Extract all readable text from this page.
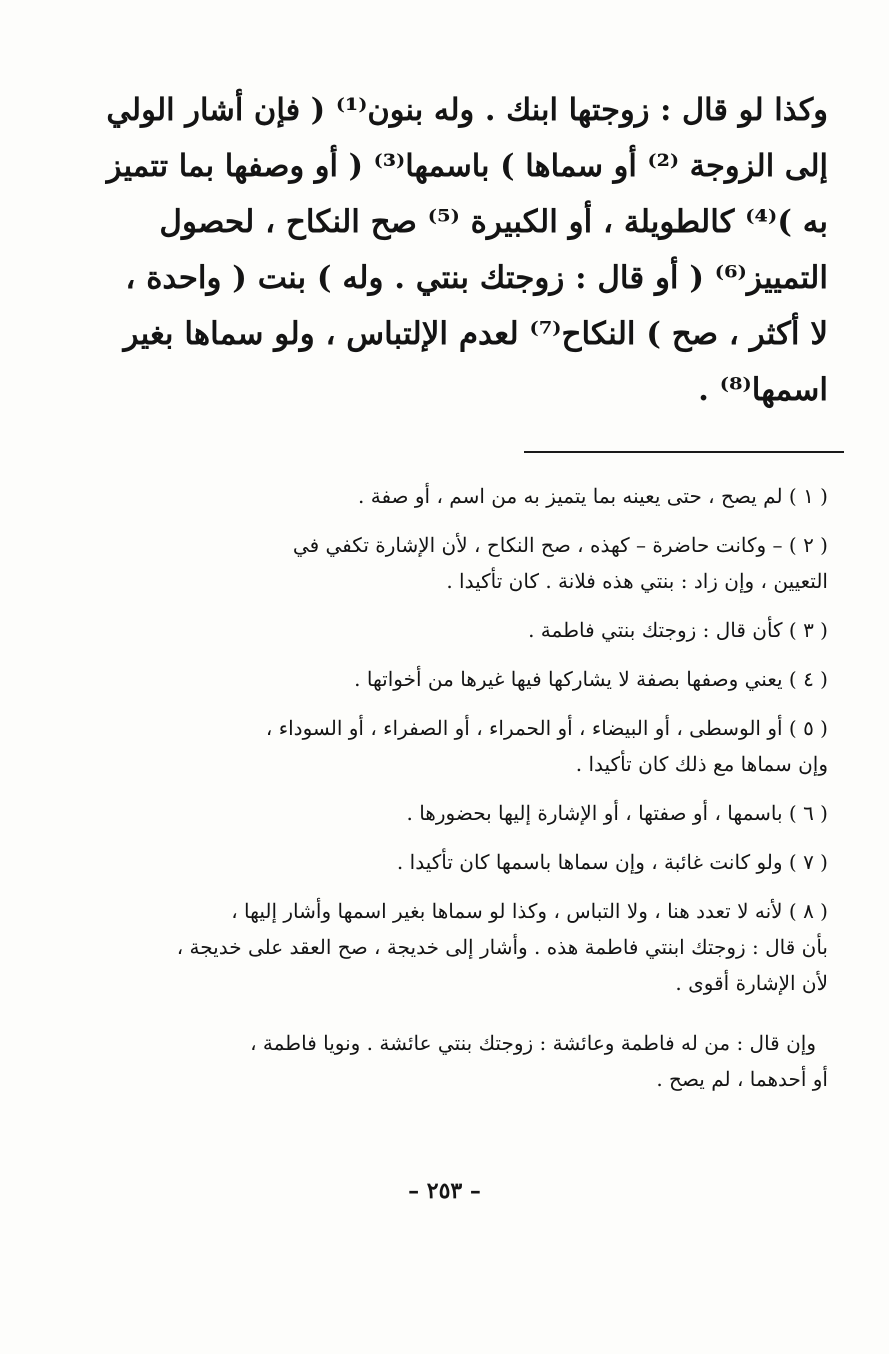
وكذا لو قال : زوجتها ابنك . وله بنون⁽¹⁾ ( فإن أشار الولي
إلى الزوجة ⁽²⁾ أو سماها ) باسمها⁽³⁾ ( أو وصفها بما تتميز
به )⁽⁴⁾ كالطويلة ، أو الكبيرة ⁽⁵⁾ صح النكاح ، لحصول
التمييز⁽⁶⁾ ( أو قال : زوجتك بنتي . وله ) بنت ( واحدة ،
لا أكثر ، صح ) النكاح⁽⁷⁾ لعدم الإلتباس ، ولو سماها بغير
اسمها⁽⁸⁾ .
( ١ ) لم يصح ، حتى يعينه بما يتميز به من اسم ، أو صفة .
( ٢ ) – وكانت حاضرة – كهذه ، صح النكاح ، لأن الإشارة تكفي في
التعيين ، وإن زاد : بنتي هذه فلانة . كان تأكيدا .
( ٣ ) كأن قال : زوجتك بنتي فاطمة .
( ٤ ) يعني وصفها بصفة لا يشاركها فيها غيرها من أخواتها .
( ٥ ) أو الوسطى ، أو البيضاء ، أو الحمراء ، أو الصفراء ، أو السوداء ،
وإن سماها مع ذلك كان تأكيدا .
( ٦ ) باسمها ، أو صفتها ، أو الإشارة إليها بحضورها .
( ٧ ) ولو كانت غائبة ، وإن سماها باسمها كان تأكيدا .
( ٨ ) لأنه لا تعدد هنا ، ولا التباس ، وكذا لو سماها بغير اسمها وأشار إليها ،
بأن قال : زوجتك ابنتي فاطمة هذه . وأشار إلى خديجة ، صح العقد على خديجة ،
لأن الإشارة أقوى .
وإن قال : من له فاطمة وعائشة : زوجتك بنتي عائشة . ونويا فاطمة ،
أو أحدهما ، لم يصح .
– ٢٥٣ –
